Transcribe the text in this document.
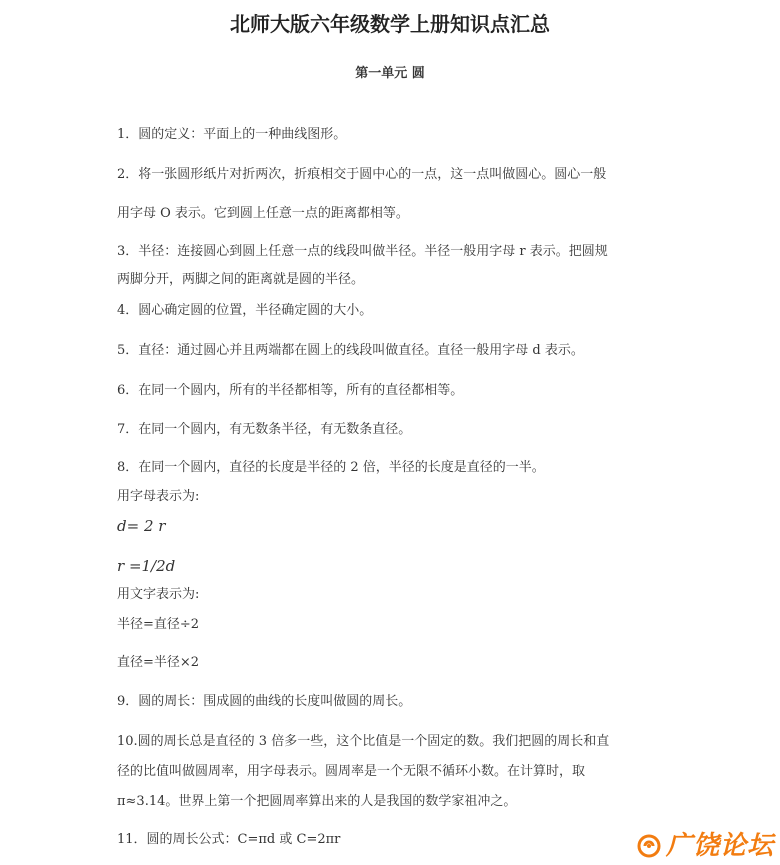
北师大版六年级数学上册知识点汇总
第一单元 圆
1．圆的定义：平面上的一种曲线图形。
2．将一张圆形纸片对折两次，折痕相交于圆中心的一点，这一点叫做圆心。圆心一般
用字母 O 表示。它到圆上任意一点的距离都相等。
3．半径：连接圆心到圆上任意一点的线段叫做半径。半径一般用字母 r 表示。把圆规
两脚分开，两脚之间的距离就是圆的半径。
4．圆心确定圆的位置，半径确定圆的大小。
5．直径：通过圆心并且两端都在圆上的线段叫做直径。直径一般用字母 d 表示。
6．在同一个圆内，所有的半径都相等，所有的直径都相等。
7．在同一个圆内，有无数条半径，有无数条直径。
8．在同一个圆内，直径的长度是半径的 2 倍，半径的长度是直径的一半。
用字母表示为:
d= 2 r
r =1/2d
用文字表示为:
半径=直径÷2
直径=半径×2
9．圆的周长：围成圆的曲线的长度叫做圆的周长。
10.圆的周长总是直径的 3 倍多一些，这个比值是一个固定的数。我们把圆的周长和直
径的比值叫做圆周率，用字母表示。圆周率是一个无限不循环小数。在计算时，取
π≈3.14。世界上第一个把圆周率算出来的人是我国的数学家祖冲之。
11．圆的周长公式：C=πd 或 C=2πr	广饶论坛
